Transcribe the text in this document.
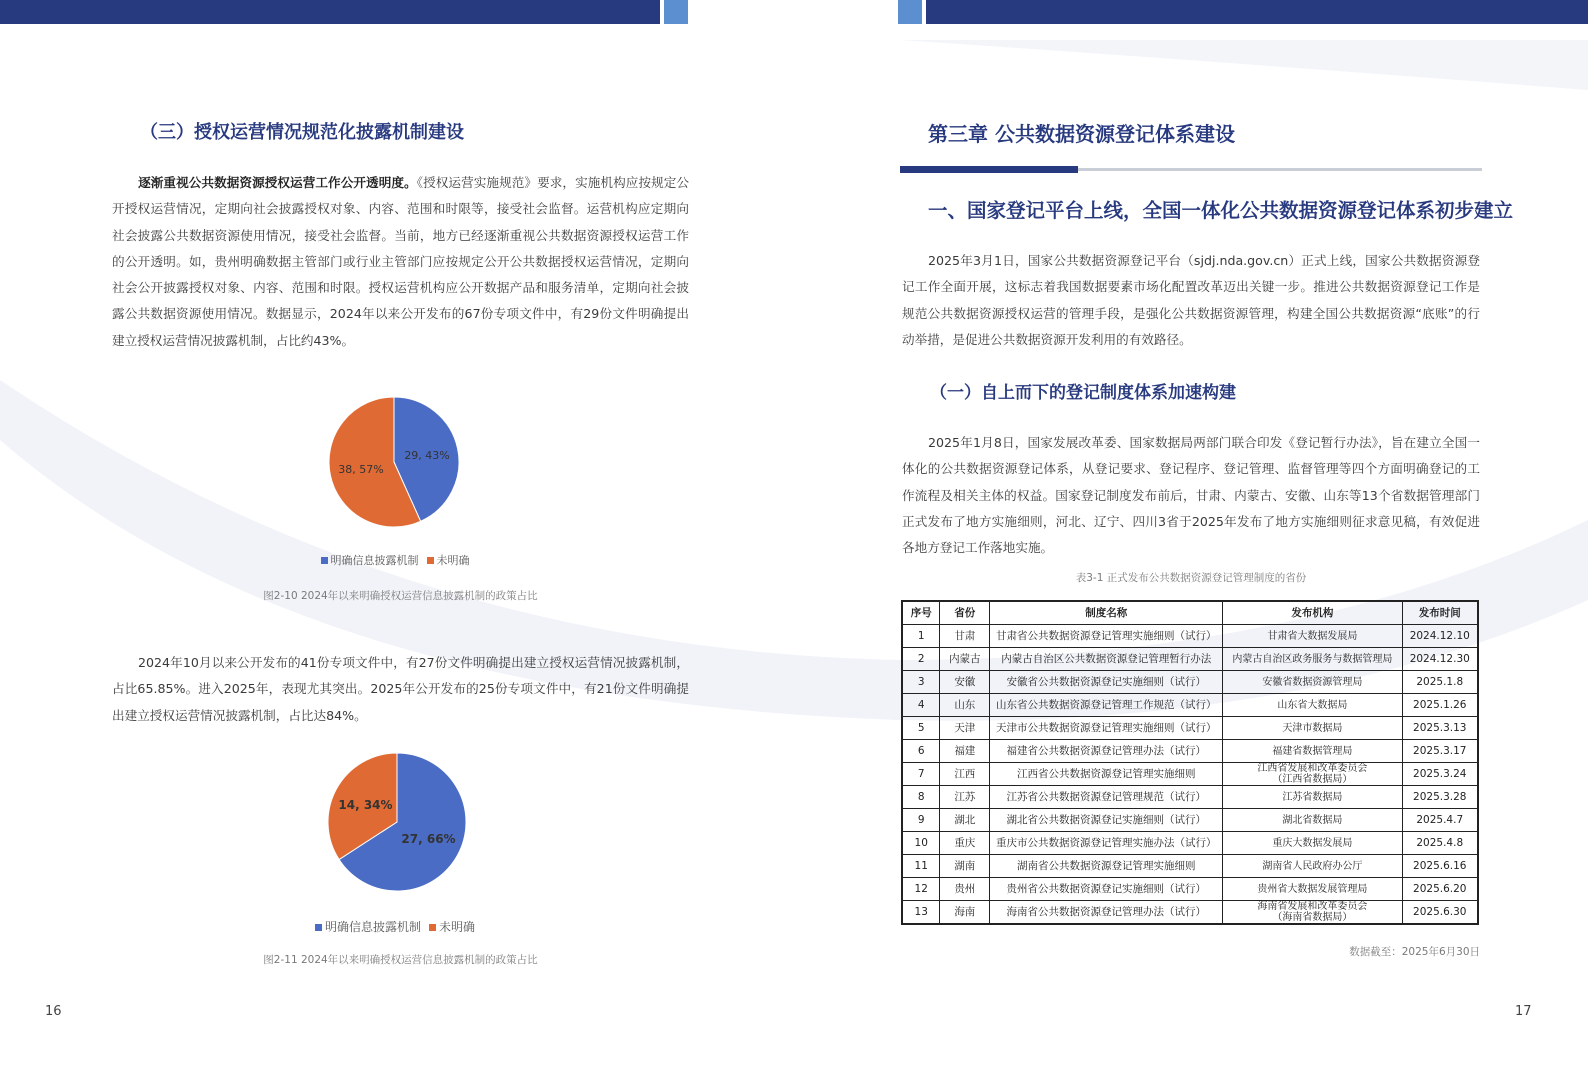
（三）授权运营情况规范化披露机制建设
逐渐重视公共数据资源授权运营工作公开透明度。《授权运营实施规范》要求，实施机构应按规定公开授权运营情况，定期向社会披露授权对象、内容、范围和时限等，接受社会监督。运营机构应定期向社会披露公共数据资源使用情况，接受社会监督。当前，地方已经逐渐重视公共数据资源授权运营工作的公开透明。如，贵州明确数据主管部门或行业主管部门应按规定公开公共数据授权运营情况，定期向社会公开披露授权对象、内容、范围和时限。授权运营机构应公开数据产品和服务清单，定期向社会披露公共数据资源使用情况。数据显示，2024年以来公开发布的67份专项文件中，有29份文件明确提出建立授权运营情况披露机制，占比约43%。
29, 43%
38, 57%
明确信息披露机制	未明确
图2-10 2024年以来明确授权运营信息披露机制的政策占比
2024年10月以来公开发布的41份专项文件中，有27份文件明确提出建立授权运营情况披露机制，占比65.85%。进入2025年，表现尤其突出。2025年公开发布的25份专项文件中，有21份文件明确提出建立授权运营情况披露机制，占比达84%。
27, 66%
14, 34%
明确信息披露机制	未明确
图2-11 2024年以来明确授权运营信息披露机制的政策占比
16
第三章 公共数据资源登记体系建设
一、国家登记平台上线，全国一体化公共数据资源登记体系初步建立
2025年3月1日，国家公共数据资源登记平台（sjdj.nda.gov.cn）正式上线，国家公共数据资源登记工作全面开展，这标志着我国数据要素市场化配置改革迈出关键一步。推进公共数据资源登记工作是规范公共数据资源授权运营的管理手段，是强化公共数据资源管理，构建全国公共数据资源“底账”的行动举措，是促进公共数据资源开发利用的有效路径。
（一）自上而下的登记制度体系加速构建
2025年1月8日，国家发展改革委、国家数据局两部门联合印发《登记暂行办法》，旨在建立全国一体化的公共数据资源登记体系，从登记要求、登记程序、登记管理、监督管理等四个方面明确登记的工作流程及相关主体的权益。国家登记制度发布前后，甘肃、内蒙古、安徽、山东等13个省数据管理部门正式发布了地方实施细则，河北、辽宁、四川3省于2025年发布了地方实施细则征求意见稿，有效促进各地方登记工作落地实施。
表3-1 正式发布公共数据资源登记管理制度的省份
序号	省份	制度名称	发布机构	发布时间
1	甘肃	甘肃省公共数据资源登记管理实施细则（试行）	甘肃省大数据发展局	2024.12.10
2	内蒙古	内蒙古自治区公共数据资源登记管理暂行办法	内蒙古自治区政务服务与数据管理局	2024.12.30
3	安徽	安徽省公共数据资源登记实施细则（试行）	安徽省数据资源管理局	2025.1.8
4	山东	山东省公共数据资源登记管理工作规范（试行）	山东省大数据局	2025.1.26
5	天津	天津市公共数据资源登记管理实施细则（试行）	天津市数据局	2025.3.13
6	福建	福建省公共数据资源登记管理办法（试行）	福建省数据管理局	2025.3.17
7	江西	江西省公共数据资源登记管理实施细则	江西省发展和改革委员会
（江西省数据局）	2025.3.24
8	江苏	江苏省公共数据资源登记管理规范（试行）	江苏省数据局	2025.3.28
9	湖北	湖北省公共数据资源登记实施细则（试行）	湖北省数据局	2025.4.7
10	重庆	重庆市公共数据资源登记管理实施办法（试行）	重庆大数据发展局	2025.4.8
11	湖南	湖南省公共数据资源登记管理实施细则	湖南省人民政府办公厅	2025.6.16
12	贵州	贵州省公共数据资源登记实施细则（试行）	贵州省大数据发展管理局	2025.6.20
13	海南	海南省公共数据资源登记管理办法（试行）	海南省发展和改革委员会
（海南省数据局）	2025.6.30
数据截至：2025年6月30日
17
